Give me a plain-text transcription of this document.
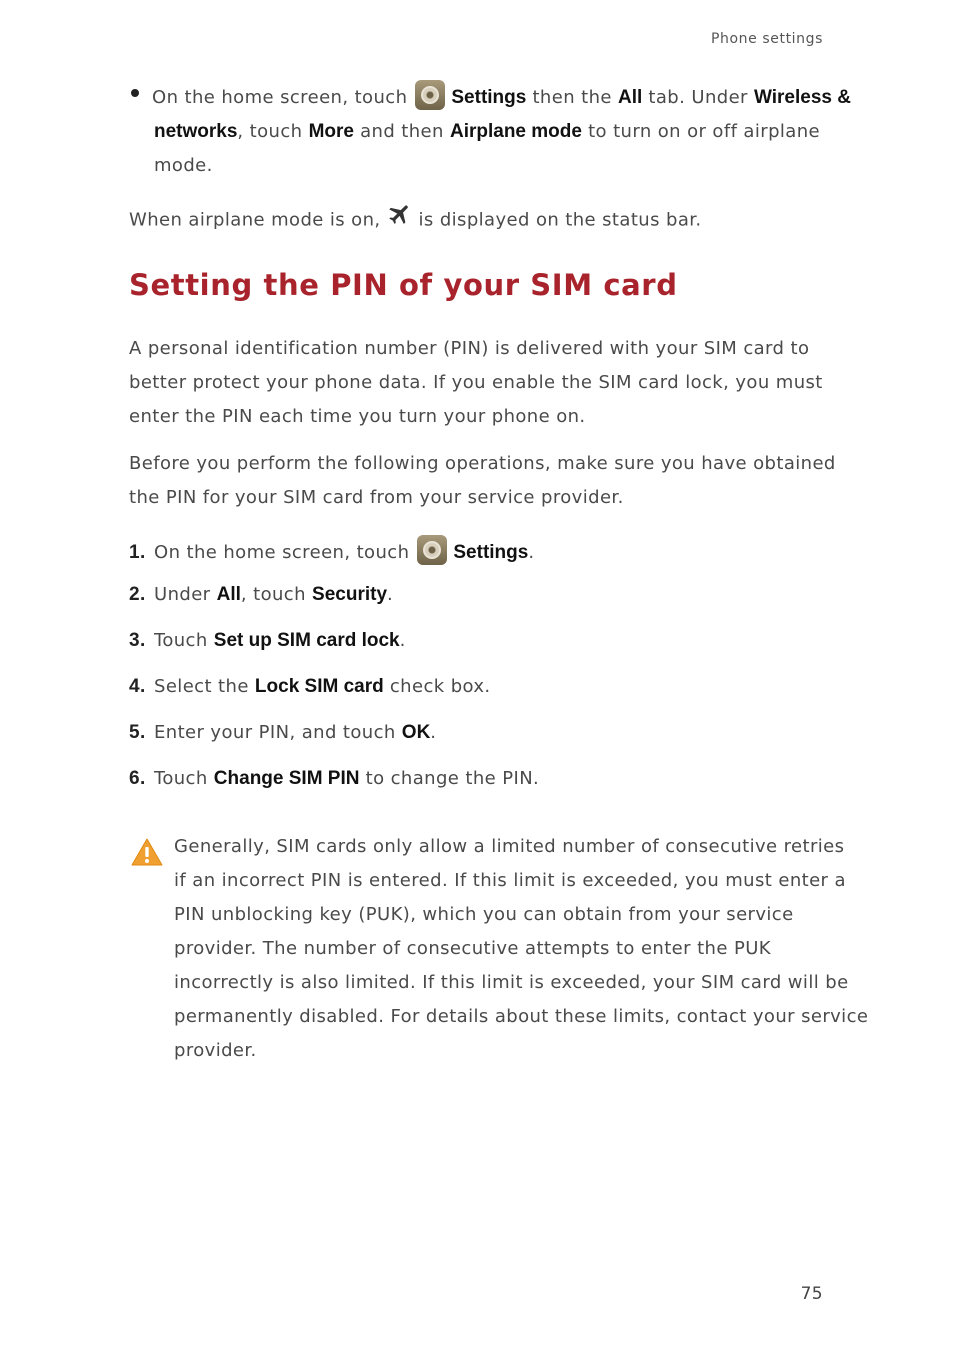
Phone settings
On the home screen, touch Settings then the All tab. Under Wireless &
networks, touch More and then Airplane mode to turn on or off airplane
mode.
When airplane mode is on, is displayed on the status bar.
Setting the PIN of your SIM card
A personal identification number (PIN) is delivered with your SIM card to
better protect your phone data. If you enable the SIM card lock, you must
enter the PIN each time you turn your phone on.
Before you perform the following operations, make sure you have obtained
the PIN for your SIM card from your service provider.
1. On the home screen, touch Settings.
2. Under All, touch Security.
3. Touch Set up SIM card lock.
4. Select the Lock SIM card check box.
5. Enter your PIN, and touch OK.
6. Touch Change SIM PIN to change the PIN.
Generally, SIM cards only allow a limited number of consecutive retries
if an incorrect PIN is entered. If this limit is exceeded, you must enter a
PIN unblocking key (PUK), which you can obtain from your service
provider. The number of consecutive attempts to enter the PUK
incorrectly is also limited. If this limit is exceeded, your SIM card will be
permanently disabled. For details about these limits, contact your service
provider.
75
